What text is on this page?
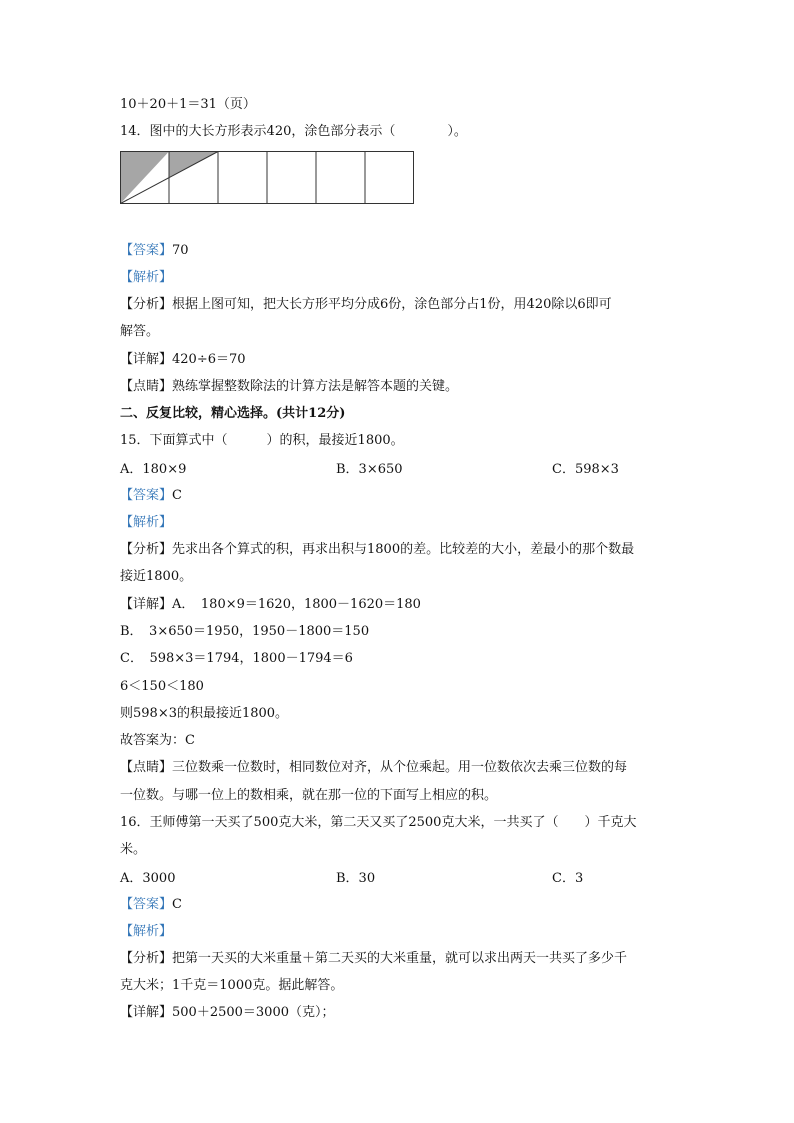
10＋20＋1＝31（页）
14．图中的大长方形表示420，涂色部分表示（　　　　）。
【答案】70
【解析】
【分析】根据上图可知，把大长方形平均分成6份，涂色部分占1份，用420除以6即可
解答。
【详解】420÷6＝70
【点睛】熟练掌握整数除法的计算方法是解答本题的关键。
二、反复比较，精心选择。(共计12分)
15．下面算式中（　　　）的积，最接近1800。
A．180×9	B．3×650	C．598×3
【答案】C
【解析】
【分析】先求出各个算式的积，再求出积与1800的差。比较差的大小，差最小的那个数最
接近1800。
【详解】A．　180×9＝1620，1800－1620＝180
B．　3×650＝1950，1950－1800＝150
C．　598×3＝1794，1800－1794＝6
6＜150＜180
则598×3的积最接近1800。
故答案为：C
【点睛】三位数乘一位数时，相同数位对齐，从个位乘起。用一位数依次去乘三位数的每
一位数。与哪一位上的数相乘，就在那一位的下面写上相应的积。
16．王师傅第一天买了500克大米，第二天又买了2500克大米，一共买了（　　）千克大
米。
A．3000	B．30	C．3
【答案】C
【解析】
【分析】把第一天买的大米重量＋第二天买的大米重量，就可以求出两天一共买了多少千
克大米；1千克＝1000克。据此解答。
【详解】500＋2500＝3000（克）；
